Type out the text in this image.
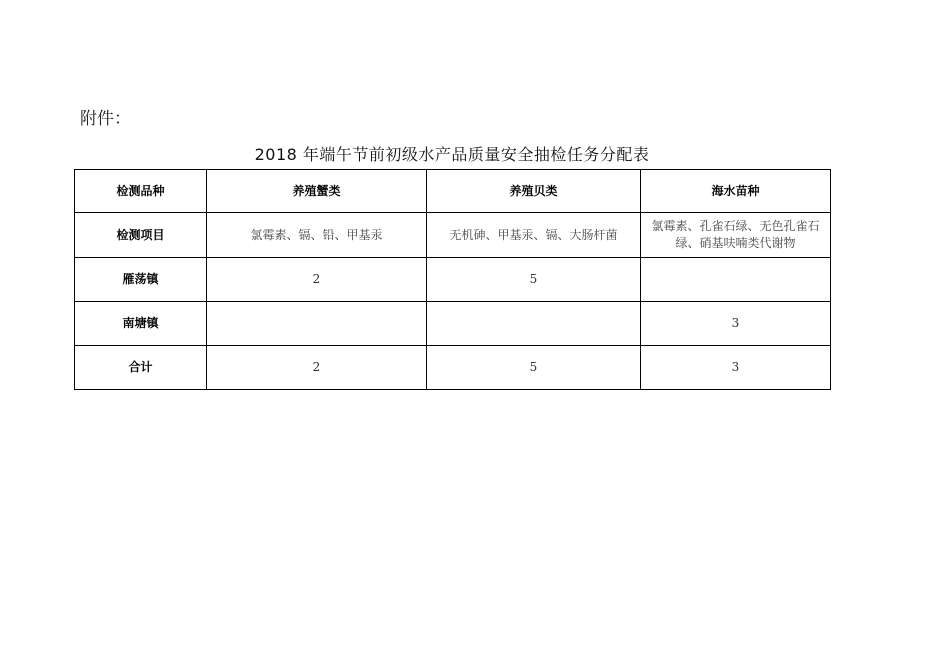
附件：
2018 年端午节前初级水产品质量安全抽检任务分配表
检测品种	养殖蟹类	养殖贝类	海水苗种
检测项目	氯霉素、镉、铅、甲基汞	无机砷、甲基汞、镉、大肠杆菌	氯霉素、孔雀石绿、无色孔雀石绿、硝基呋喃类代谢物
雁荡镇	2	5	
南塘镇			3
合计	2	5	3
